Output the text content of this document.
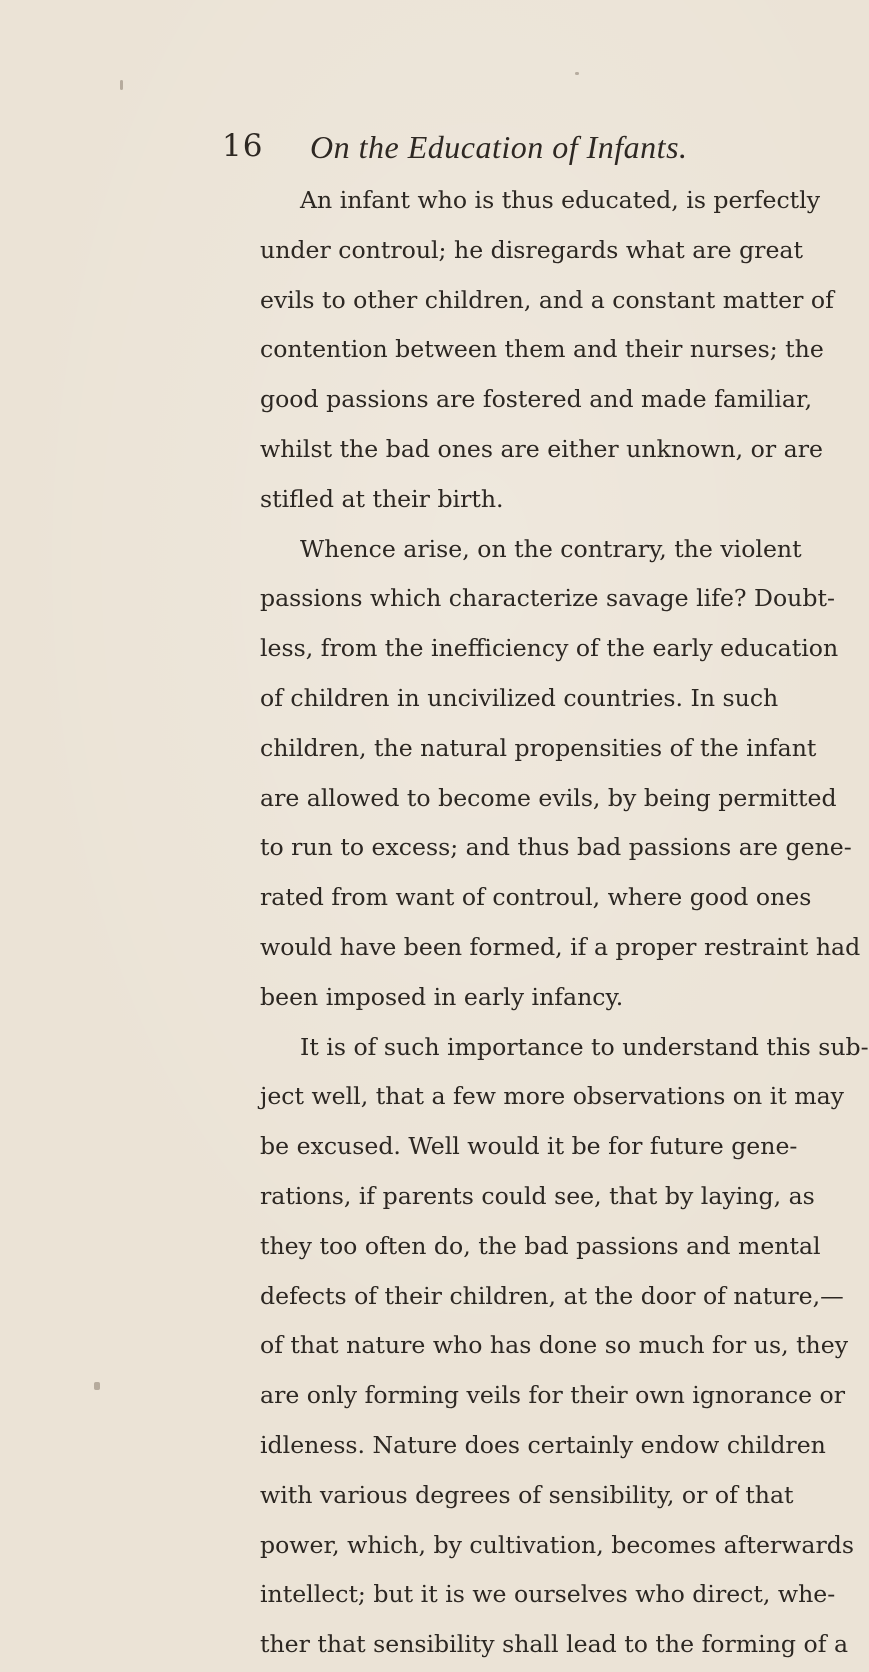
16 On the Education of Infants.
An infant who is thus educated, is perfectly
under controul; he disregards what are great
evils to other children, and a constant matter of
contention between them and their nurses; the
good passions are fostered and made familiar,
whilst the bad ones are either unknown, or are
stifled at their birth.
Whence arise, on the contrary, the violent
passions which characterize savage life? Doubt-
less, from the inefficiency of the early education
of children in uncivilized countries. In such
children, the natural propensities of the infant
are allowed to become evils, by being permitted
to run to excess; and thus bad passions are gene-
rated from want of controul, where good ones
would have been formed, if a proper restraint had
been imposed in early infancy.
It is of such importance to understand this sub-
ject well, that a few more observations on it may
be excused. Well would it be for future gene-
rations, if parents could see, that by laying, as
they too often do, the bad passions and mental
defects of their children, at the door of nature,—
of that nature who has done so much for us, they
are only forming veils for their own ignorance or
idleness. Nature does certainly endow children
with various degrees of sensibility, or of that
power, which, by cultivation, becomes afterwards
intellect; but it is we ourselves who direct, whe-
ther that sensibility shall lead to the forming of a
